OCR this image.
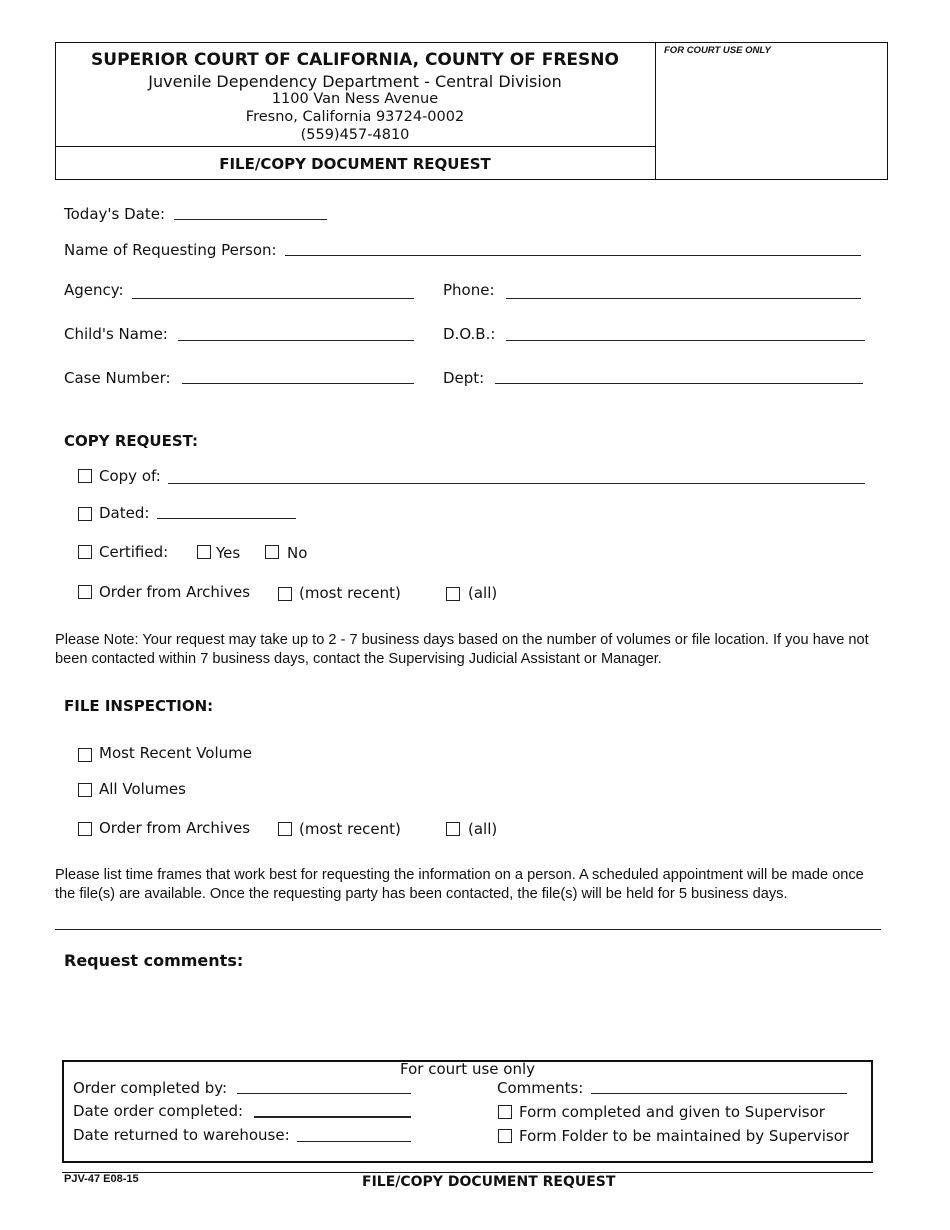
SUPERIOR COURT OF CALIFORNIA, COUNTY OF FRESNO
Juvenile Dependency Department - Central Division
1100 Van Ness Avenue
Fresno, California 93724-0002
(559)457-4810
FILE/COPY DOCUMENT REQUEST
FOR COURT USE ONLY
Today's Date:
Name of Requesting Person:
Agency:	Phone:
Child's Name:	D.O.B.:
Case Number:	Dept:
COPY REQUEST:
Copy of:
Dated:
Certified:	Yes	No
Order from Archives	(most recent)	(all)
Please Note: Your request may take up to 2 - 7 business days based on the number of volumes or file location. If you have not been contacted within 7 business days, contact the Supervising Judicial Assistant or Manager.
FILE INSPECTION:
Most Recent Volume
All Volumes
Order from Archives	(most recent)	(all)
Please list time frames that work best for requesting the information on a person. A scheduled appointment will be made once the file(s) are available. Once the requesting party has been contacted, the file(s) will be held for 5 business days.
Request comments:
For court use only
Order completed by:
Date order completed:
Date returned to warehouse:
Comments:
Form completed and given to Supervisor
Form Folder to be maintained by Supervisor
PJV-47 E08-15	FILE/COPY DOCUMENT REQUEST
